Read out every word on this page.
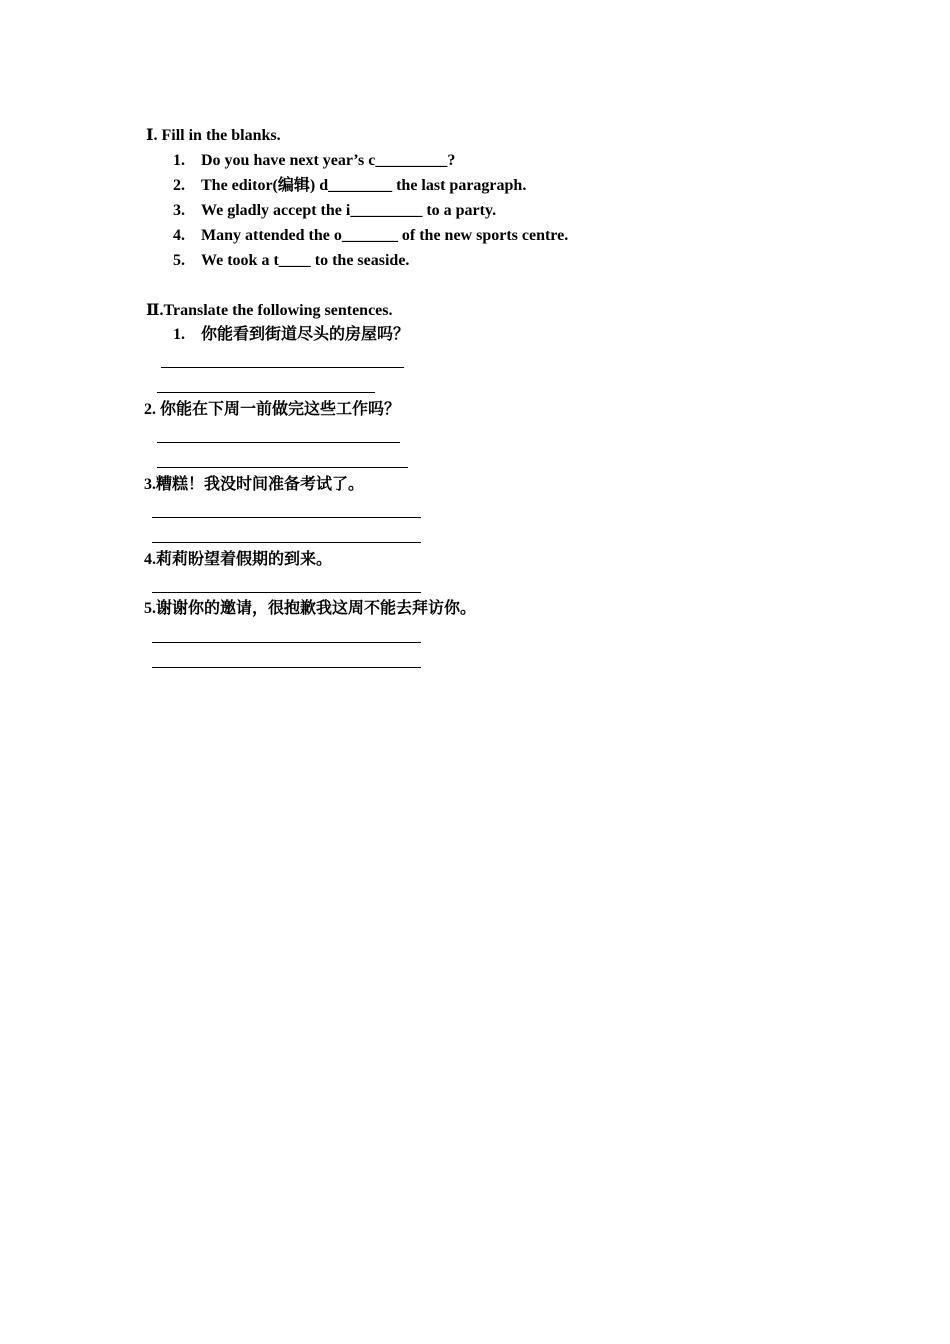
Ⅰ. Fill in the blanks.
1. Do you have next year’s c_________?
2. The editor(编辑) d________ the last paragraph.
3. We gladly accept the i_________ to a party.
4. Many attended the o_______ of the new sports centre.
5. We took a t____ to the seaside.
Ⅱ.Translate the following sentences.
1. 你能看到街道尽头的房屋吗？
2. 你能在下周一前做完这些工作吗？
3.糟糕！我没时间准备考试了。
4.莉莉盼望着假期的到来。
5.谢谢你的邀请，很抱歉我这周不能去拜访你。
